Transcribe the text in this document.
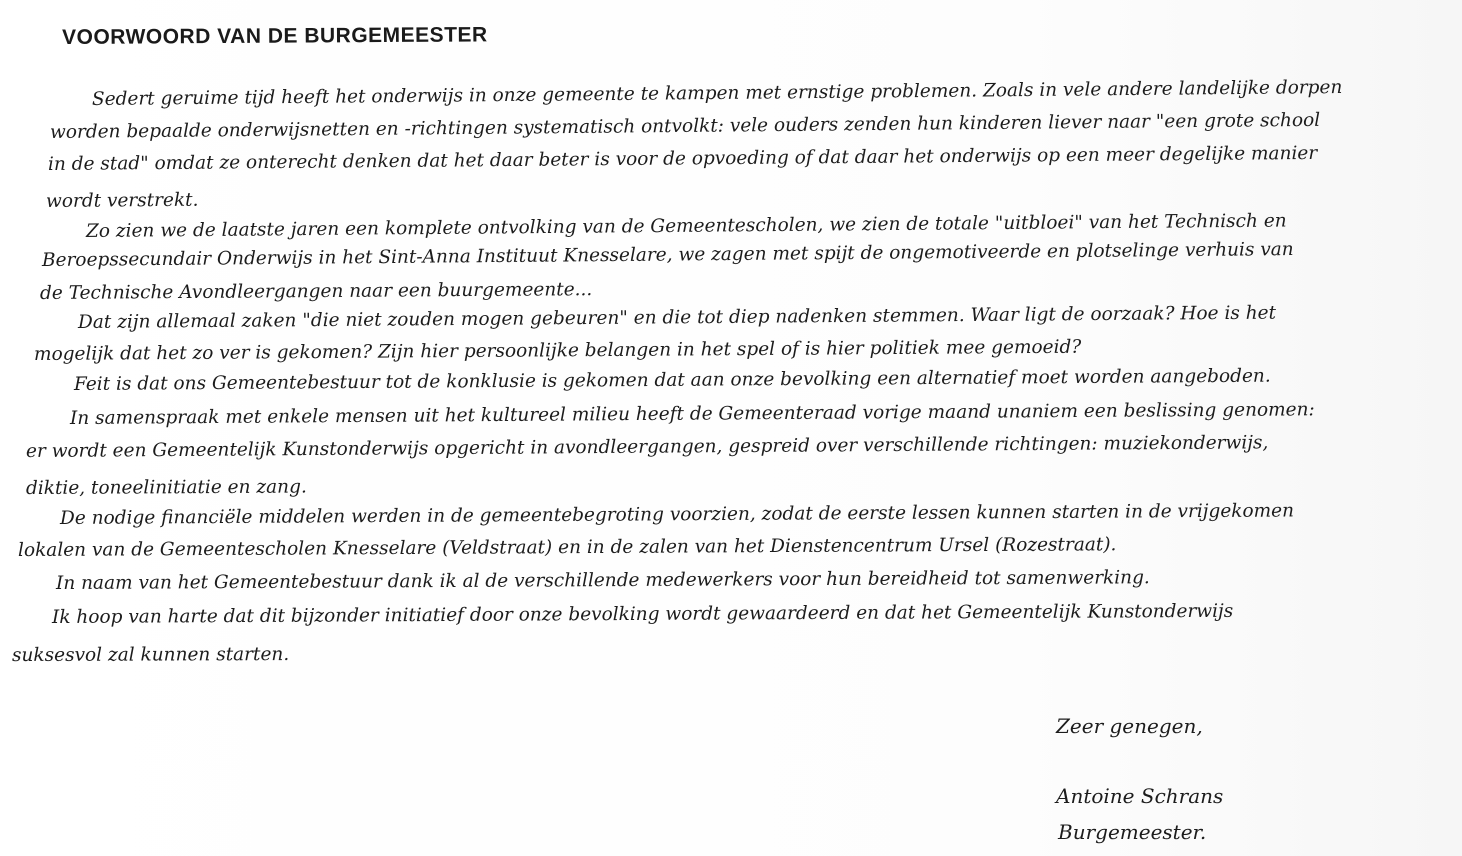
VOORWOORD VAN DE BURGEMEESTER
Sedert geruime tijd heeft het onderwijs in onze gemeente te kampen met ernstige problemen. Zoals in vele andere landelijke dorpen
worden bepaalde onderwijsnetten en -richtingen systematisch ontvolkt: vele ouders zenden hun kinderen liever naar "een grote school
in de stad" omdat ze onterecht denken dat het daar beter is voor de opvoeding of dat daar het onderwijs op een meer degelijke manier
wordt verstrekt.
Zo zien we de laatste jaren een komplete ontvolking van de Gemeentescholen, we zien de totale "uitbloei" van het Technisch en
Beroepssecundair Onderwijs in het Sint-Anna Instituut Knesselare, we zagen met spijt de ongemotiveerde en plotselinge verhuis van
de Technische Avondleergangen naar een buurgemeente...
Dat zijn allemaal zaken "die niet zouden mogen gebeuren" en die tot diep nadenken stemmen. Waar ligt de oorzaak? Hoe is het
mogelijk dat het zo ver is gekomen? Zijn hier persoonlijke belangen in het spel of is hier politiek mee gemoeid?
Feit is dat ons Gemeentebestuur tot de konklusie is gekomen dat aan onze bevolking een alternatief moet worden aangeboden.
In samenspraak met enkele mensen uit het kultureel milieu heeft de Gemeenteraad vorige maand unaniem een beslissing genomen:
er wordt een Gemeentelijk Kunstonderwijs opgericht in avondleergangen, gespreid over verschillende richtingen: muziekonderwijs,
diktie, toneelinitiatie en zang.
De nodige financiële middelen werden in de gemeentebegroting voorzien, zodat de eerste lessen kunnen starten in de vrijgekomen
lokalen van de Gemeentescholen Knesselare (Veldstraat) en in de zalen van het Dienstencentrum Ursel (Rozestraat).
In naam van het Gemeentebestuur dank ik al de verschillende medewerkers voor hun bereidheid tot samenwerking.
Ik hoop van harte dat dit bijzonder initiatief door onze bevolking wordt gewaardeerd en dat het Gemeentelijk Kunstonderwijs
suksesvol zal kunnen starten.
Zeer genegen,
Antoine Schrans
Burgemeester.
